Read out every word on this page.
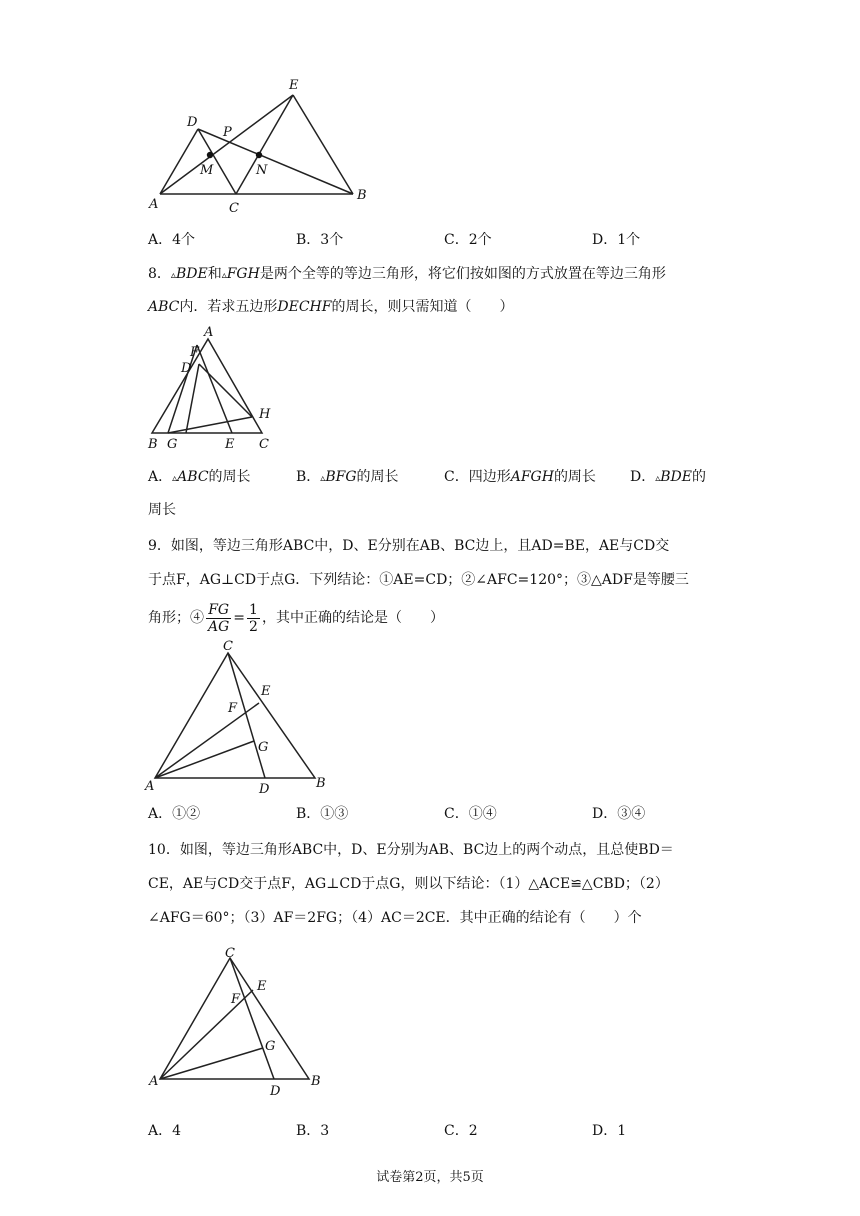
A
B
C
D
E
P
M	N
A．4个	B．3个	C．2个	D．1个
8．▵BDE和▵FGH是两个全等的等边三角形，将它们按如图的方式放置在等边三角形
ABC内．若求五边形DECHF的周长，则只需知道（　　）
A
F
D
H
B G	E C
A．▵ABC的周长	B．▵BFG的周长	C．四边形AFGH的周长 D．▵BDE的
周长
9．如图，等边三角形ABC中，D、E分别在AB、BC边上，且AD=BE，AE与CD交
于点F，AG⊥CD于点G．下列结论：①AE=CD；②∠AFC=120°；③△ADF是等腰三
角形；④ $\frac{FG}{AG} = \frac{1}{2}$ ，其中正确的结论是（　　）
C
E
F
G
A	D	B
A．①②	B．①③	C．①④	D．③④
10．如图，等边三角形ABC中，D、E分别为AB、BC边上的两个动点，且总使BD＝
CE，AE与CD交于点F，AG⊥CD于点G，则以下结论：（1）△ACE≌△CBD；（2）
∠AFG＝60°；（3）AF＝2FG；（4）AC＝2CE．其中正确的结论有（　　）个
C
E
F
G
A
D
B
A．4	B．3	C．2	D．1
试卷第2页，共5页
